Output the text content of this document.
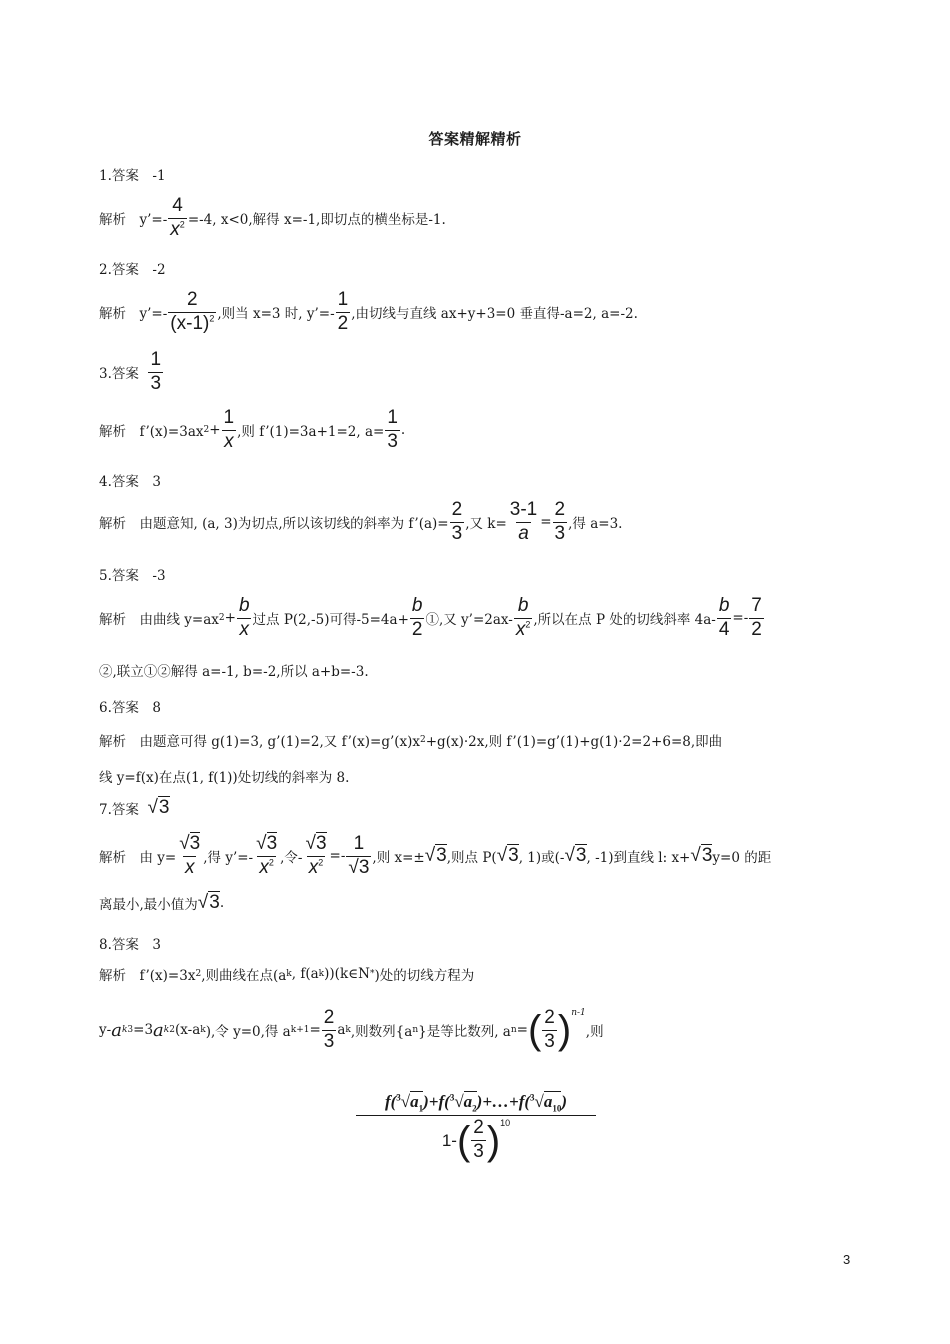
答案精解精析
1.答案　-1
解析　y’=- $\frac{4}{x^2} =-4$, x<0,解得 x=-1,即切点的横坐标是-1.
2.答案　-2
解析　y’=-
2
$(x-1)^2$ ,则当 x=3 时, y’=-
1
2 ,由切线与直线 ax+y+3=0 垂直得-a=2, a=-2.
3.答案

1
3
解析　f’(x)=3ax $2 + \frac{1}{x}$ ,则 f’(1)=3a+1=2, $a= \frac{1}{3}$ .
4.答案　3
解析　由题意知, (a, 3)为切点,所以该切线的斜率为 f’(a)= $\frac{2}{3}$ ,又 $k= \frac{3-1}{a} = \frac{2}{3}$ ,得 a=3.
5.答案　-3
解析　由曲线 y=ax $2 + \frac{b}{x}$ 过点 P(2,-5)可得$-5=4a+ \frac{b}{2}$ ①,又 y’=2ax-
b
$x^2$ ,所以在点 P 处的切线斜率 $4a- \frac{b}{4}$ =-
7
2
②,联立①②解得 a=-1, b=-2,所以 a+b=-3.
6.答案　8
解析　由题意可得 g(1)=3, g’(1)=2,又 f’(x)=g’(x)x 2 +g(x)·2x,则 f’(1)=g’(1)+g(1)·2=2+6=8,即曲
线 y=f(x)在点(1, f(1))处切线的斜率为 8.
7.答案
√3
解析　由 $y= \frac{√3}{x}$ ,得 y’=-
√3
$x^2$ ,令- $\frac{√3}{x^2}$ =-
1
√3 ,则 x=± √3 ,则点 P( √3 , 1)或(- √3 , -1)到直线 l: x+ √3 y=0 的距
离最小,最小值为 √3 .
8.答案　3
解析　f’(x)=3x 2 ,则曲线在点(a k , f(a k ))(k∈N * )处的切线方程为
y- a k 3 =3 a k 2 (x-a k ),令 y=0,得 a $k+1 = \frac{2}{3}$ a k ,则数列{a n }是等比数列, a n = ( 2
3 )$^{n-1}$
,则
$f(^3√a_1)+f(^3√a_2)+\dots+f(^3√a_{10})$
1- ( 2
3 )$^{10}$
3
